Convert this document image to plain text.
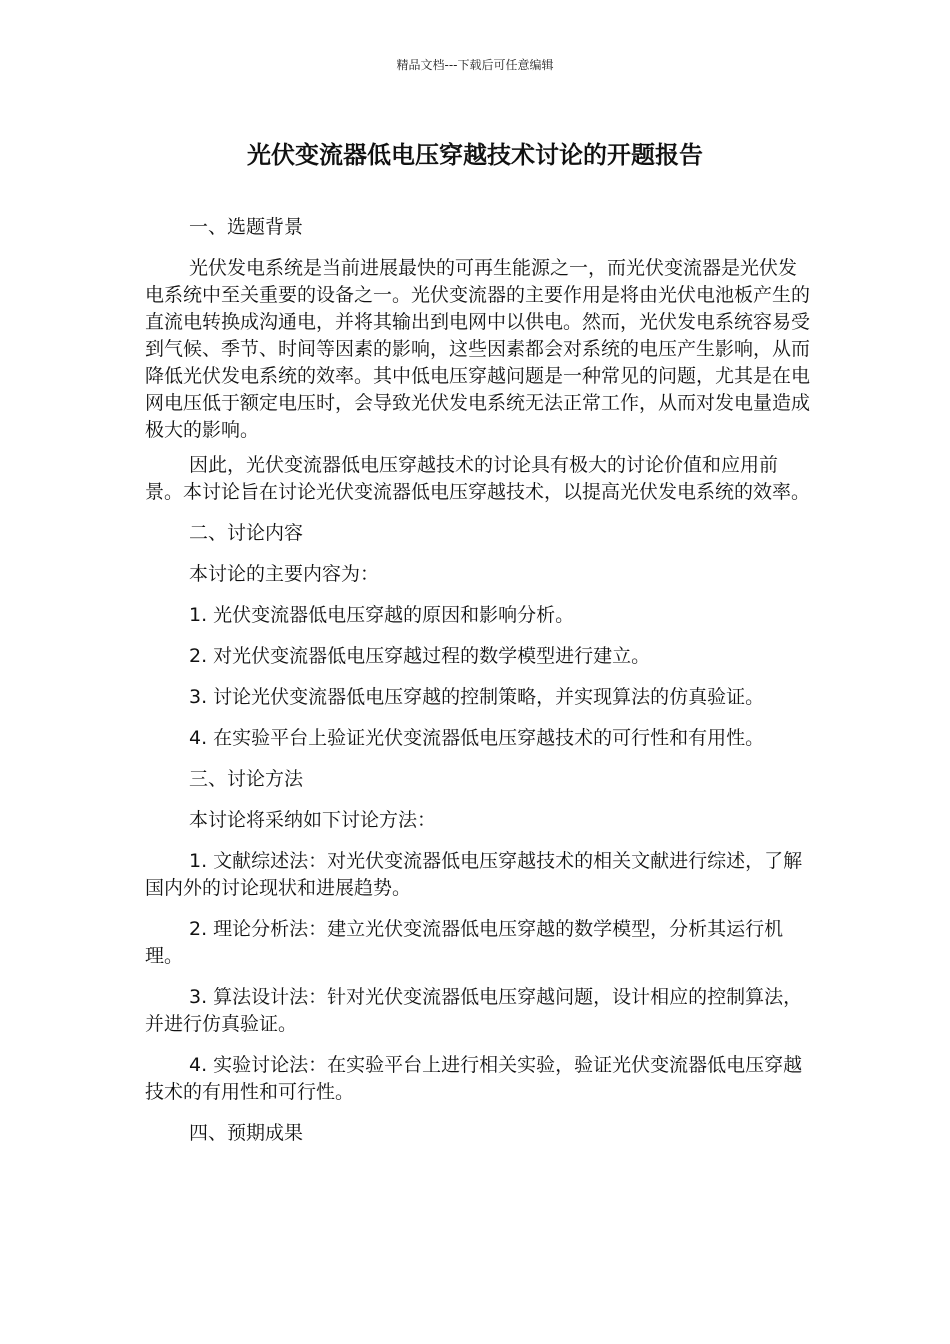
精品文档---下载后可任意编辑
光伏变流器低电压穿越技术讨论的开题报告

一、选题背景

光伏发电系统是当前进展最快的可再生能源之一，而光伏变流器是光伏发电系统中至关重要的设备之一。光伏变流器的主要作用是将由光伏电池板产生的直流电转换成沟通电，并将其输出到电网中以供电。然而，光伏发电系统容易受到气候、季节、时间等因素的影响，这些因素都会对系统的电压产生影响，从而降低光伏发电系统的效率。其中低电压穿越问题是一种常见的问题，尤其是在电网电压低于额定电压时，会导致光伏发电系统无法正常工作，从而对发电量造成极大的影响。

因此，光伏变流器低电压穿越技术的讨论具有极大的讨论价值和应用前景。本讨论旨在讨论光伏变流器低电压穿越技术，以提高光伏发电系统的效率。

二、讨论内容

本讨论的主要内容为：

1. 光伏变流器低电压穿越的原因和影响分析。

2. 对光伏变流器低电压穿越过程的数学模型进行建立。

3. 讨论光伏变流器低电压穿越的控制策略，并实现算法的仿真验证。

4. 在实验平台上验证光伏变流器低电压穿越技术的可行性和有用性。

三、讨论方法

本讨论将采纳如下讨论方法：

1. 文献综述法：对光伏变流器低电压穿越技术的相关文献进行综述，了解国内外的讨论现状和进展趋势。

2. 理论分析法：建立光伏变流器低电压穿越的数学模型，分析其运行机理。

3. 算法设计法：针对光伏变流器低电压穿越问题，设计相应的控制算法，并进行仿真验证。

4. 实验讨论法：在实验平台上进行相关实验，验证光伏变流器低电压穿越技术的有用性和可行性。

四、预期成果
